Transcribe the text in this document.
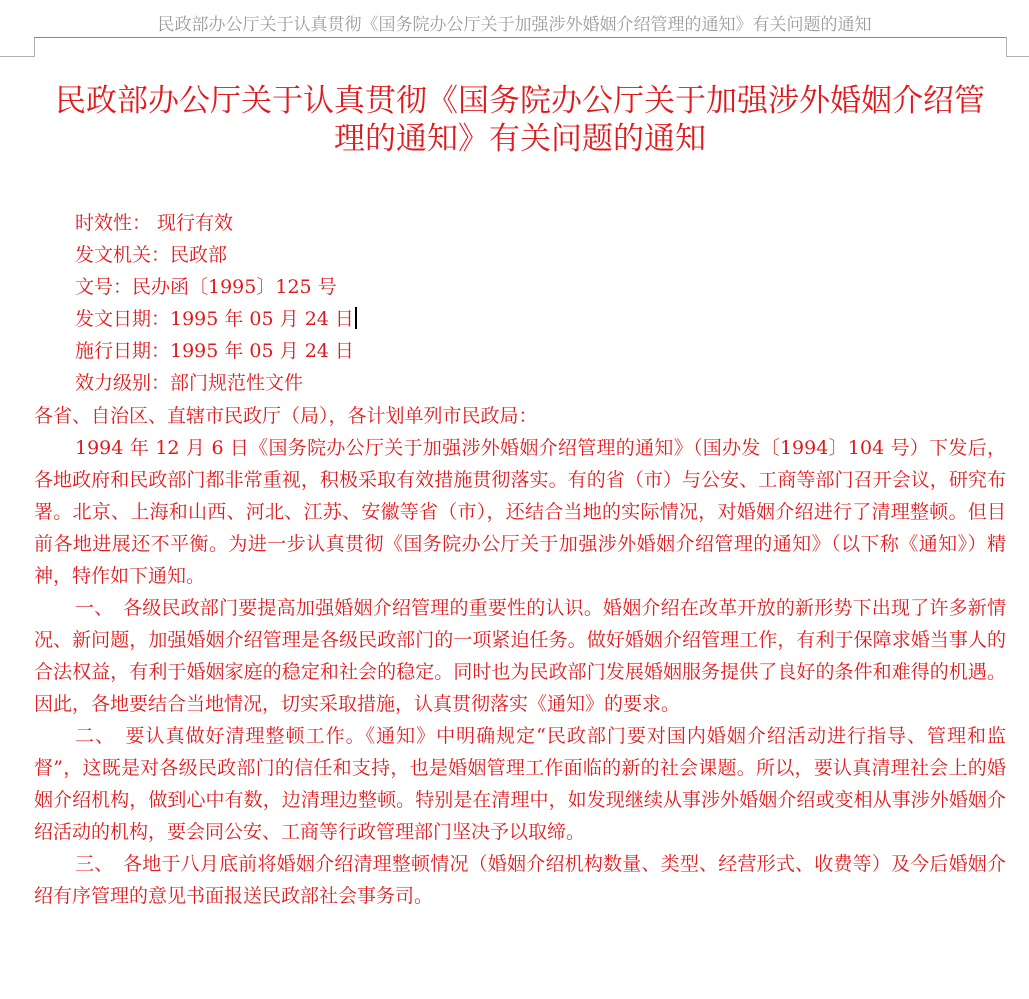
民政部办公厅关于认真贯彻《国务院办公厅关于加强涉外婚姻介绍管理的通知》有关问题的通知
民政部办公厅关于认真贯彻《国务院办公厅关于加强涉外婚姻介绍管
理的通知》有关问题的通知
时效性： 现行有效
发文机关：民政部
文号：民办函〔1995〕125 号
发文日期：1995 年 05 月 24 日
施行日期：1995 年 05 月 24 日
效力级别：部门规范性文件

各省、自治区、直辖市民政厅（局），各计划单列市民政局：

1994 年 12 月 6 日《国务院办公厅关于加强涉外婚姻介绍管理的通知》（国办发〔1994〕104 号）下发后，各地政府和民政部门都非常重视，积极采取有效措施贯彻落实。有的省（市）与公安、工商等部门召开会议，研究布署。北京、上海和山西、河北、江苏、安徽等省（市），还结合当地的实际情况，对婚姻介绍进行了清理整顿。但目前各地进展还不平衡。为进一步认真贯彻《国务院办公厅关于加强涉外婚姻介绍管理的通知》（以下称《通知》）精神，特作如下通知。

一、　各级民政部门要提高加强婚姻介绍管理的重要性的认识。婚姻介绍在改革开放的新形势下出现了许多新情况、新问题，加强婚姻介绍管理是各级民政部门的一项紧迫任务。做好婚姻介绍管理工作，有利于保障求婚当事人的合法权益，有利于婚姻家庭的稳定和社会的稳定。同时也为民政部门发展婚姻服务提供了良好的条件和难得的机遇。因此，各地要结合当地情况，切实采取措施，认真贯彻落实《通知》的要求。

二、　要认真做好清理整顿工作。《通知》中明确规定“民政部门要对国内婚姻介绍活动进行指导、管理和监督”，这既是对各级民政部门的信任和支持，也是婚姻管理工作面临的新的社会课题。所以，要认真清理社会上的婚姻介绍机构，做到心中有数，边清理边整顿。特别是在清理中，如发现继续从事涉外婚姻介绍或变相从事涉外婚姻介绍活动的机构，要会同公安、工商等行政管理部门坚决予以取缔。

三、　各地于八月底前将婚姻介绍清理整顿情况（婚姻介绍机构数量、类型、经营形式、收费等）及今后婚姻介绍有序管理的意见书面报送民政部社会事务司。
